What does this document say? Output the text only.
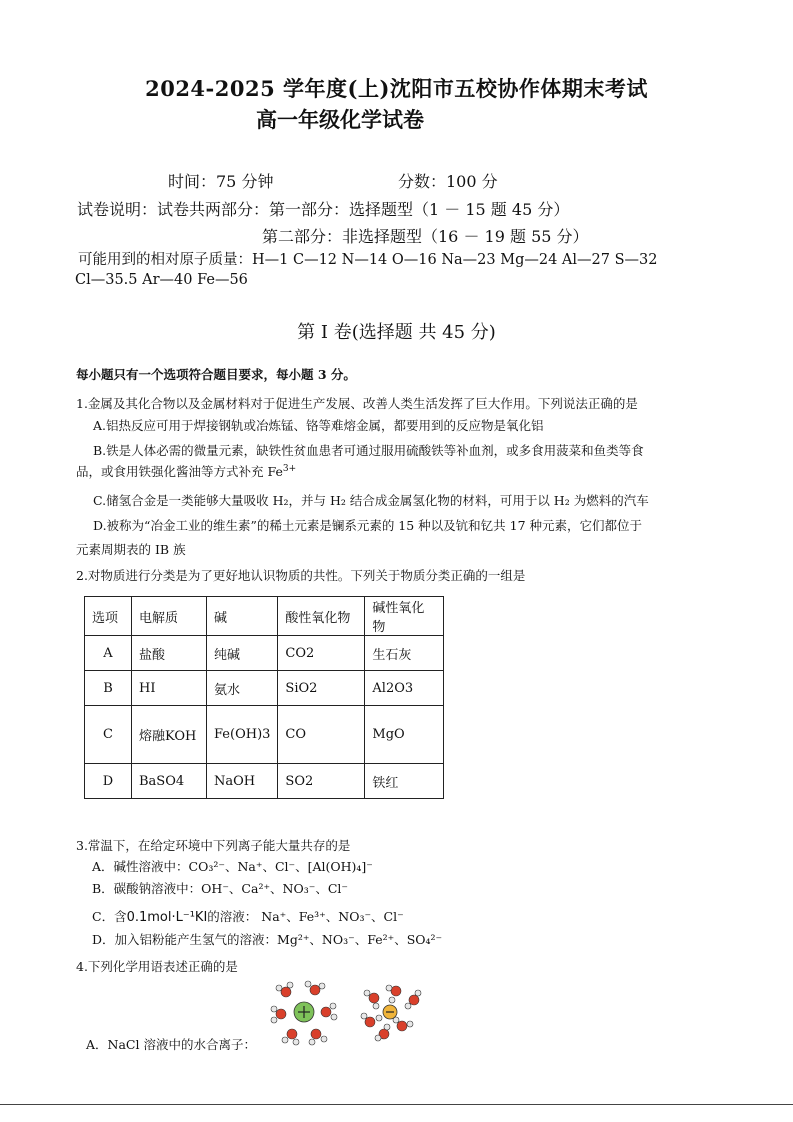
2024-2025 学年度(上)沈阳市五校协作体期末考试
高一年级化学试卷
时间：75 分钟	分数：100 分
试卷说明：试卷共两部分：第一部分：选择题型（1 － 15 题 45 分）
第二部分：非选择题型（16 － 19 题 55 分）
可能用到的相对原子质量：H—1 C—12 N—14 O—16 Na—23 Mg—24 Al—27 S—32
Cl—35.5 Ar—40 Fe—56
第 I 卷(选择题 共 45 分)
每小题只有一个选项符合题目要求，每小题 3 分。
1.金属及其化合物以及金属材料对于促进生产发展、改善人类生活发挥了巨大作用。下列说法正确的是
A.铝热反应可用于焊接钢轨或冶炼锰、铬等难熔金属，都要用到的反应物是氧化铝
B.铁是人体必需的微量元素，缺铁性贫血患者可通过服用硫酸铁等补血剂，或多食用菠菜和鱼类等食
品，或食用铁强化酱油等方式补充 $Fe^{3+}$
C.储氢合金是一类能够大量吸收 H₂，并与 H₂ 结合成金属氢化物的材料，可用于以 H₂ 为燃料的汽车
D.被称为“冶金工业的维生素”的稀土元素是镧系元素的 15 种以及钪和钇共 17 种元素，它们都位于
元素周期表的 IB 族
2.对物质进行分类是为了更好地认识物质的共性。下列关于物质分类正确的一组是
选项	电解质	碱	酸性氧化物	碱性氧化物
A	盐酸	纯碱	CO2	生石灰
B	HI	氨水	SiO2	Al2O3
C	熔融KOH	Fe(OH)3	CO	MgO
D	BaSO4	NaOH	SO2	铁红
3.常温下，在给定环境中下列离子能大量共存的是
A．碱性溶液中：CO₃²⁻、Na⁺、Cl⁻、[Al(OH)₄]⁻
B．碳酸钠溶液中：OH⁻、Ca²⁺、NO₃⁻、Cl⁻
C．含0.1mol·L⁻¹KI的溶液： Na⁺、Fe³⁺、NO₃⁻、Cl⁻
D．加入铝粉能产生氢气的溶液：Mg²⁺、NO₃⁻、Fe²⁺、SO₄²⁻
4.下列化学用语表述正确的是
A．NaCl 溶液中的水合离子：
